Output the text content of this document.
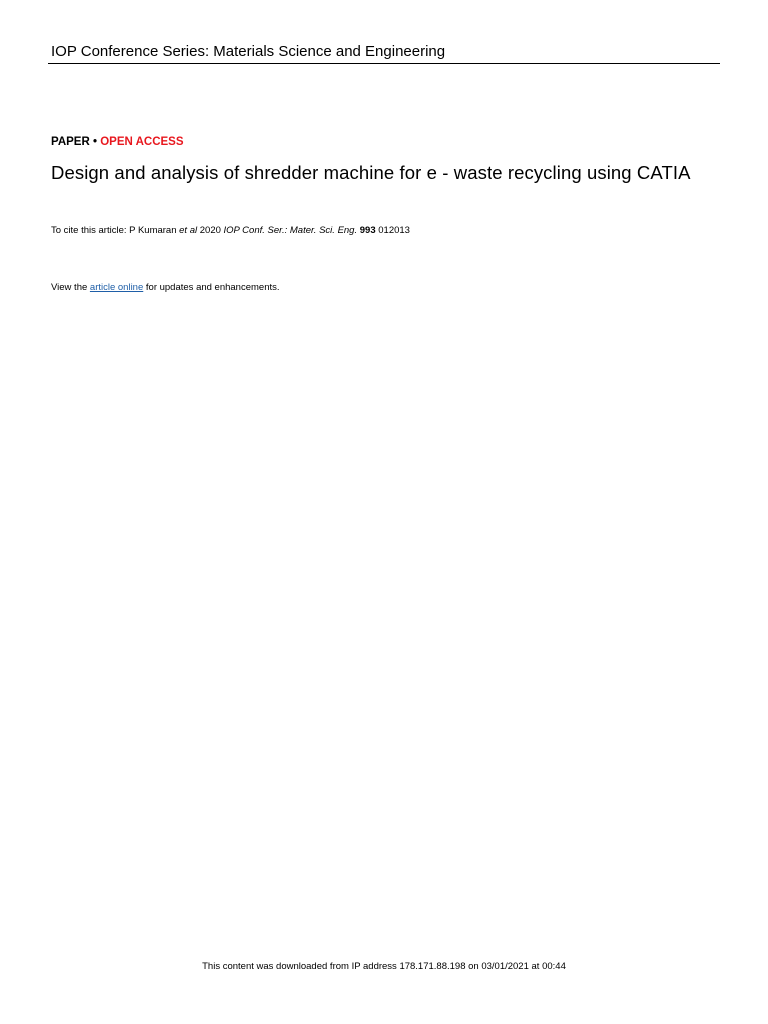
IOP Conference Series: Materials Science and Engineering
PAPER • OPEN ACCESS
Design and analysis of shredder machine for e - waste recycling using CATIA
To cite this article: P Kumaran et al 2020 IOP Conf. Ser.: Mater. Sci. Eng. 993 012013
View the article online for updates and enhancements.
This content was downloaded from IP address 178.171.88.198 on 03/01/2021 at 00:44
